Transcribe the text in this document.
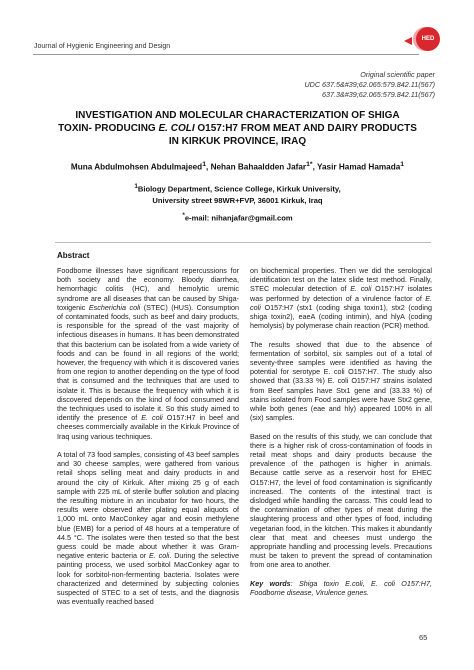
Journal of Hygienic Engineering and Design
HED
Original scientific paper
UDC 637.5&#39;62.065:579.842.11(567)
637.3&#39;62.065:579.842.11(567)
INVESTIGATION AND MOLECULAR CHARACTERIZATION OF SHIGA
TOXIN- PRODUCING E. COLI O157:H7 FROM MEAT AND DAIRY PRODUCTS
IN KIRKUK PROVINCE, IRAQ
Muna Abdulmohsen Abdulmajeed$^1$, Nehan Bahaaldden Jafar$^{1*}$, Yasir Hamad Hamada$^1$
$^1$Biology Department, Science College, Kirkuk University,
University street 98WR+FVP, 36001 Kirkuk, Iraq
*e-mail: nihanjafar@gmail.com
Abstract

Foodborne illnesses have significant repercussions for both society and the economy. Bloody diarrhea, hemorrhagic colitis (HC), and hemolytic uremic syndrome are all diseases that can be caused by Shiga-toxigenic Escherichia coli (STEC) (HUS). Consumption of contaminated foods, such as beef and dairy products, is responsible for the spread of the vast majority of infectious diseases in humans. It has been demonstrated that this bacterium can be isolated from a wide variety of foods and can be found in all regions of the world; however, the frequency with which it is discovered varies from one region to another depending on the type of food that is consumed and the techniques that are used to isolate it. This is because the frequency with which it is discovered depends on the kind of food consumed and the techniques used to isolate it. So this study aimed to identify the presence of E. coli O157:H7 in beef and cheeses commercially available in the Kirkuk Province of Iraq using various techniques.

A total of 73 food samples, consisting of 43 beef samples and 30 cheese samples, were gathered from various retail shops selling meat and dairy products in and around the city of Kirkuk. After mixing 25 g of each sample with 225 mL of sterile buffer solution and placing the resulting mixture in an incubator for two hours, the results were observed after plating equal aliquots of 1,000 mL onto MacConkey agar and eosin methylene blue (EMB) for a period of 48 hours at a temperature of 44.5 °C. The isolates were then tested so that the best guess could be made about whether it was Gram-negative enteric bacteria or E. coli. During the selective painting process, we used sorbitol MacConkey agar to look for sorbitol-non-fermenting bacteria. Isolates were characterized and determined by subjecting colonies suspected of STEC to a set of tests, and the diagnosis was eventually reached based

on biochemical properties. Then we did the serological identification test on the latex slide test method. Finally, STEC molecular detection of E. coli O157:H7 isolates was performed by detection of a virulence factor of E. coli O157:H7 (stx1 (coding shiga toxin1), stx2 (coding shiga toxin2), eaeA (coding intimin), and hlyA (coding hemolysis) by polymerase chain reaction (PCR) method.

The results showed that due to the absence of fermentation of sorbitol, six samples out of a total of seventy-three samples were identified as having the potential for serotype E. coli O157:H7. The study also showed that (33.33 %) E. coli O157:H7 strains isolated from Beef samples have Stx1 gene and (33.33 %) of stains isolated from Food samples were have Stx2 gene, while both genes (eae and hly) appeared 100% in all (six) samples.

Based on the results of this study, we can conclude that there is a higher risk of cross-contamination of foods in retail meat shops and dairy products because the prevalence of the pathogen is higher in animals. Because cattle serve as a reservoir host for EHEC O157:H7, the level of food contamination is significantly increased. The contents of the intestinal tract is dislodged while handling the carcass. This could lead to the contamination of other types of meat during the slaughtering process and other types of food, including vegetarian food, in the kitchen. This makes it abundantly clear that meat and cheeses must undergo the appropriate handling and processing levels. Precautions must be taken to prevent the spread of contamination from one area to another.

Key words: Shiga toxin E.coli, E. coli O157:H7, Foodborne disease, Virulence genes.

65
